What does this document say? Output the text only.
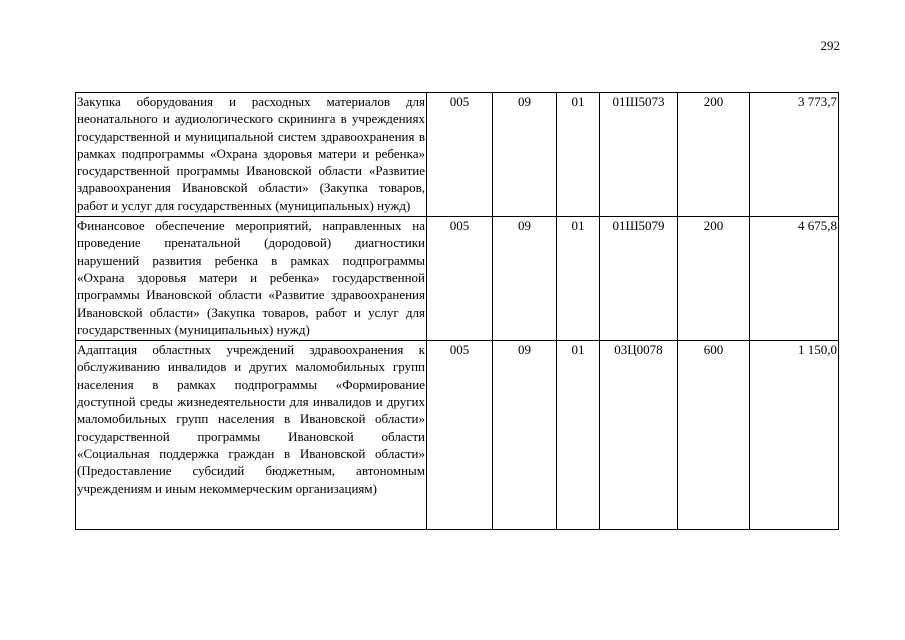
292
Закупка оборудования и расходных материалов для неонатального и аудиологического скрининга в учреждениях государственной и муниципальной систем здравоохранения в рамках подпрограммы «Охрана здоровья матери и ребенка» государственной программы Ивановской области «Развитие здравоохранения Ивановской области» (Закупка товаров, работ и услуг для государственных (муниципальных) нужд)	005	09	01	01Ш5073	200	3 773,7
Финансовое обеспечение мероприятий, направленных на проведение пренатальной (дородовой) диагностики нарушений развития ребенка в рамках подпрограммы «Охрана здоровья матери и ребенка» государственной программы Ивановской области «Развитие здравоохранения Ивановской области» (Закупка товаров, работ и услуг для государственных (муниципальных) нужд)	005	09	01	01Ш5079	200	4 675,8
Адаптация областных учреждений здравоохранения к обслуживанию инвалидов и других маломобильных групп населения в рамках подпрограммы «Формирование доступной среды жизнедеятельности для инвалидов и других маломобильных групп населения в Ивановской области» государственной программы Ивановской области «Социальная поддержка граждан в Ивановской области» (Предоставление субсидий бюджетным, автономным учреждениям и иным некоммерческим организациям)	005	09	01	03Ц0078	600	1 150,0
